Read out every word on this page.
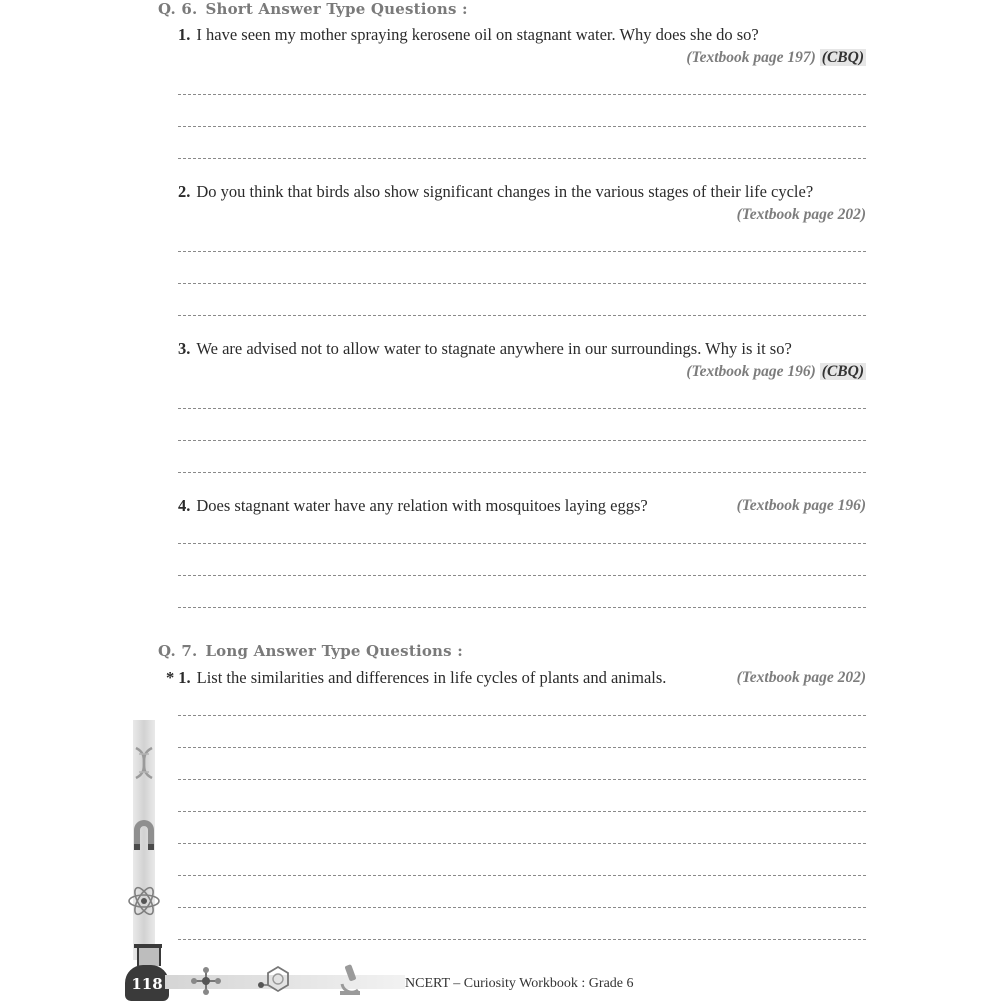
Q. 6. Short Answer Type Questions :
1. I have seen my mother spraying kerosene oil on stagnant water. Why does she do so?
(Textbook page 197) (CBQ)
2. Do you think that birds also show significant changes in the various stages of their life cycle?
(Textbook page 202)
3. We are advised not to allow water to stagnate anywhere in our surroundings. Why is it so?
(Textbook page 196) (CBQ)
4. Does stagnant water have any relation with mosquitoes laying eggs?	(Textbook page 196)
Q. 7. Long Answer Type Questions :
* 1. List the similarities and differences in life cycles of plants and animals.	(Textbook page 202)
118	NCERT – Curiosity Workbook : Grade 6
